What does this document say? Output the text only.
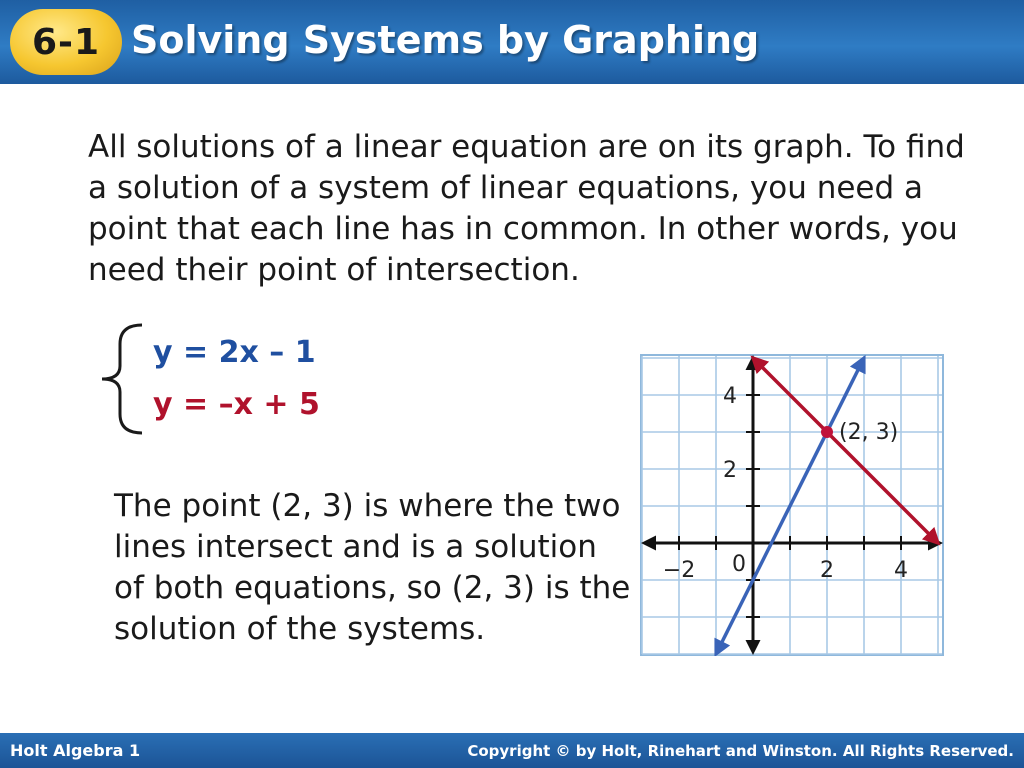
6-1 Solving Systems by Graphing

All solutions of a linear equation are on its graph. To find a solution of a system of linear equations, you need a point that each line has in common. In other words, you need their point of intersection.

y = 2x – 1
y = –x + 5

The point (2, 3) is where the two lines intersect and is a solution of both equations, so (2, 3) is the solution of the systems.

(2, 3)
−2 0	2	4
4
2
Holt Algebra 1	Copyright © by Holt, Rinehart and Winston. All Rights Reserved.
